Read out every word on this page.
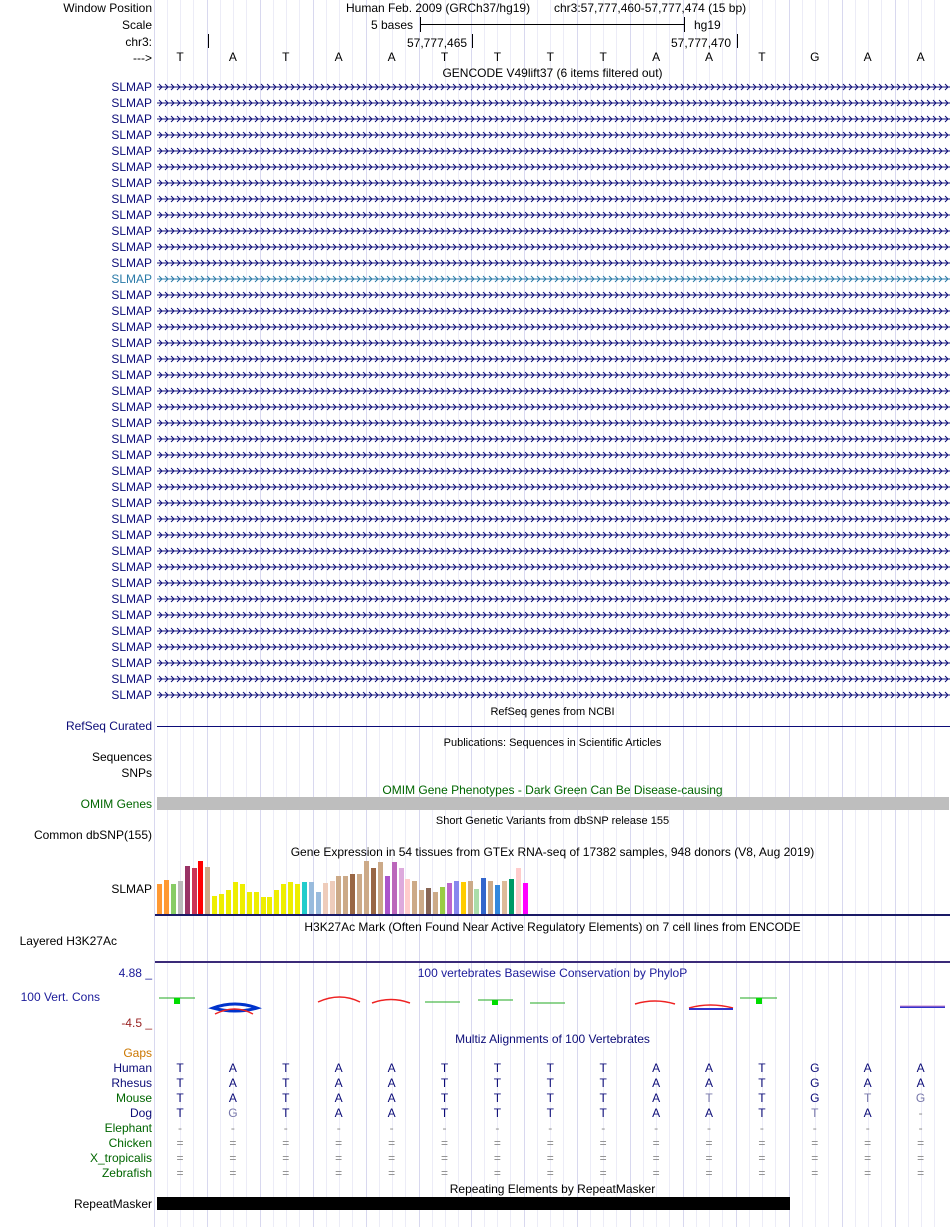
Window Position	Human Feb. 2009 (GRCh37/hg19) chr3:57,777,460-57,777,474 (15 bp)
Scale	5 bases	hg19
chr3:	57,777,465	57,777,470
--->	T	A	T	A	A	T	T	T	T	A	A	T	G	A	A
GENCODE V49lift37 (6 items filtered out)
SLMAP
SLMAP
SLMAP
SLMAP
SLMAP
SLMAP
SLMAP
SLMAP
SLMAP
SLMAP
SLMAP
SLMAP
SLMAP
SLMAP
SLMAP
SLMAP
SLMAP
SLMAP
SLMAP
SLMAP
SLMAP
SLMAP
SLMAP
SLMAP
SLMAP
SLMAP
SLMAP
SLMAP
SLMAP
SLMAP
SLMAP
SLMAP
SLMAP
SLMAP
SLMAP
SLMAP
SLMAP
SLMAP
SLMAP
RefSeq genes from NCBI
RefSeq Curated
Publications: Sequences in Scientific Articles
Sequences
SNPs
OMIM Gene Phenotypes - Dark Green Can Be Disease-causing
OMIM Genes
Short Genetic Variants from dbSNP release 155
Common dbSNP(155)
Gene Expression in 54 tissues from GTEx RNA-seq of 17382 samples, 948 donors (V8, Aug 2019)
SLMAP
H3K27Ac Mark (Often Found Near Active Regulatory Elements) on 7 cell lines from ENCODE
Layered H3K27Ac
100 vertebrates Basewise Conservation by PhyloP
4.88 _
100 Vert. Cons
-4.5 _
Multiz Alignments of 100 Vertebrates
Gaps
Human	T	A	T	A	A	T	T	T	T	A	A	T	G	A	A
Rhesus	T	A	T	A	A	T	T	T	T	A	A	T	G	A	A
Mouse	T	A	T	A	A	T	T	T	T	A	T	T	G	T	G
Dog	T	G	T	A	A	T	T	T	T	A	A	T	T	A	-
Elephant	-	-	-	-	-	-	-	-	-	-	-	-	-	-	-
Chicken	=	=	=	=	=	=	=	=	=	=	=	=	=	=	=
X_tropicalis	=	=	=	=	=	=	=	=	=	=	=	=	=	=	=
Zebrafish	=	=	=	=	=	=	=	=	=	=	=	=	=	=	=
Repeating Elements by RepeatMasker
RepeatMasker
